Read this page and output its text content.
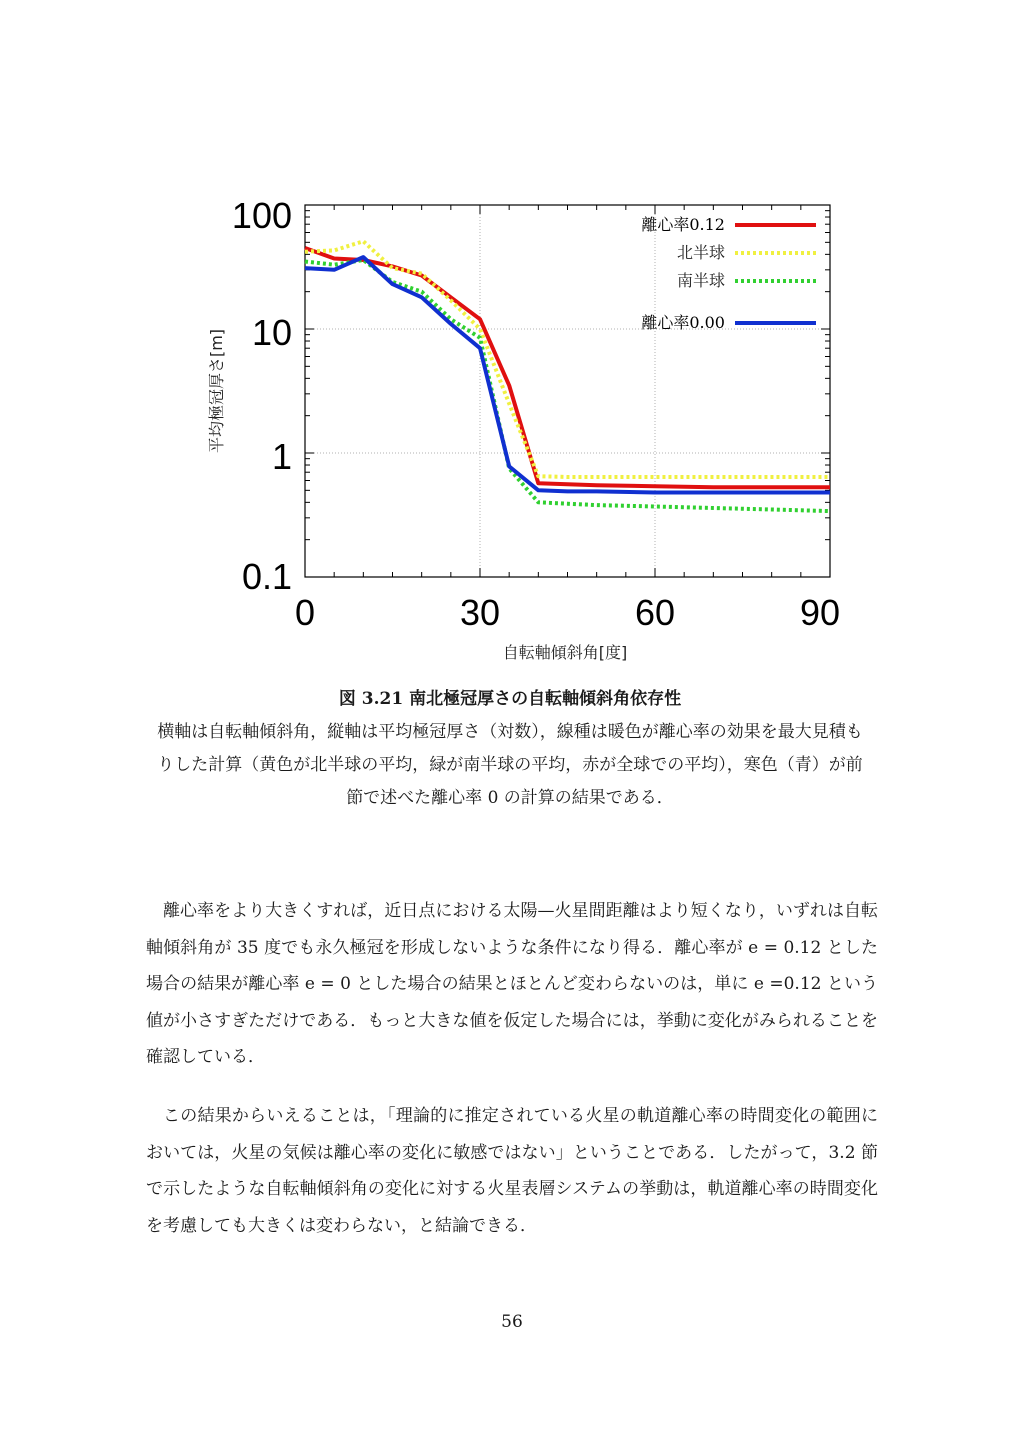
100
10
1
0.1
0	30	60	90
自転軸傾斜角[度]
平均極冠厚さ[m]
離心率0.12
北半球
南半球
離心率0.00
図 3.21 南北極冠厚さの自転軸傾斜角依存性
横軸は自転軸傾斜角，縦軸は平均極冠厚さ（対数），線種は暖色が離心率の効果を最大見積もりした計算（黄色が北半球の平均，緑が南半球の平均，赤が全球での平均），寒色（青）が前節で述べた離心率 0 の計算の結果である．

離心率をより大きくすれば，近日点における太陽—火星間距離はより短くなり，いずれは自転軸傾斜角が 35 度でも永久極冠を形成しないような条件になり得る．離心率が e = 0.12 とした場合の結果が離心率 e = 0 とした場合の結果とほとんど変わらないのは，単に e =0.12 という値が小さすぎただけである．もっと大きな値を仮定した場合には，挙動に変化がみられることを確認している．

この結果からいえることは，「理論的に推定されている火星の軌道離心率の時間変化の範囲においては，火星の気候は離心率の変化に敏感ではない」ということである．したがって，3.2 節で示したような自転軸傾斜角の変化に対する火星表層システムの挙動は，軌道離心率の時間変化を考慮しても大きくは変わらない，と結論できる．

56
